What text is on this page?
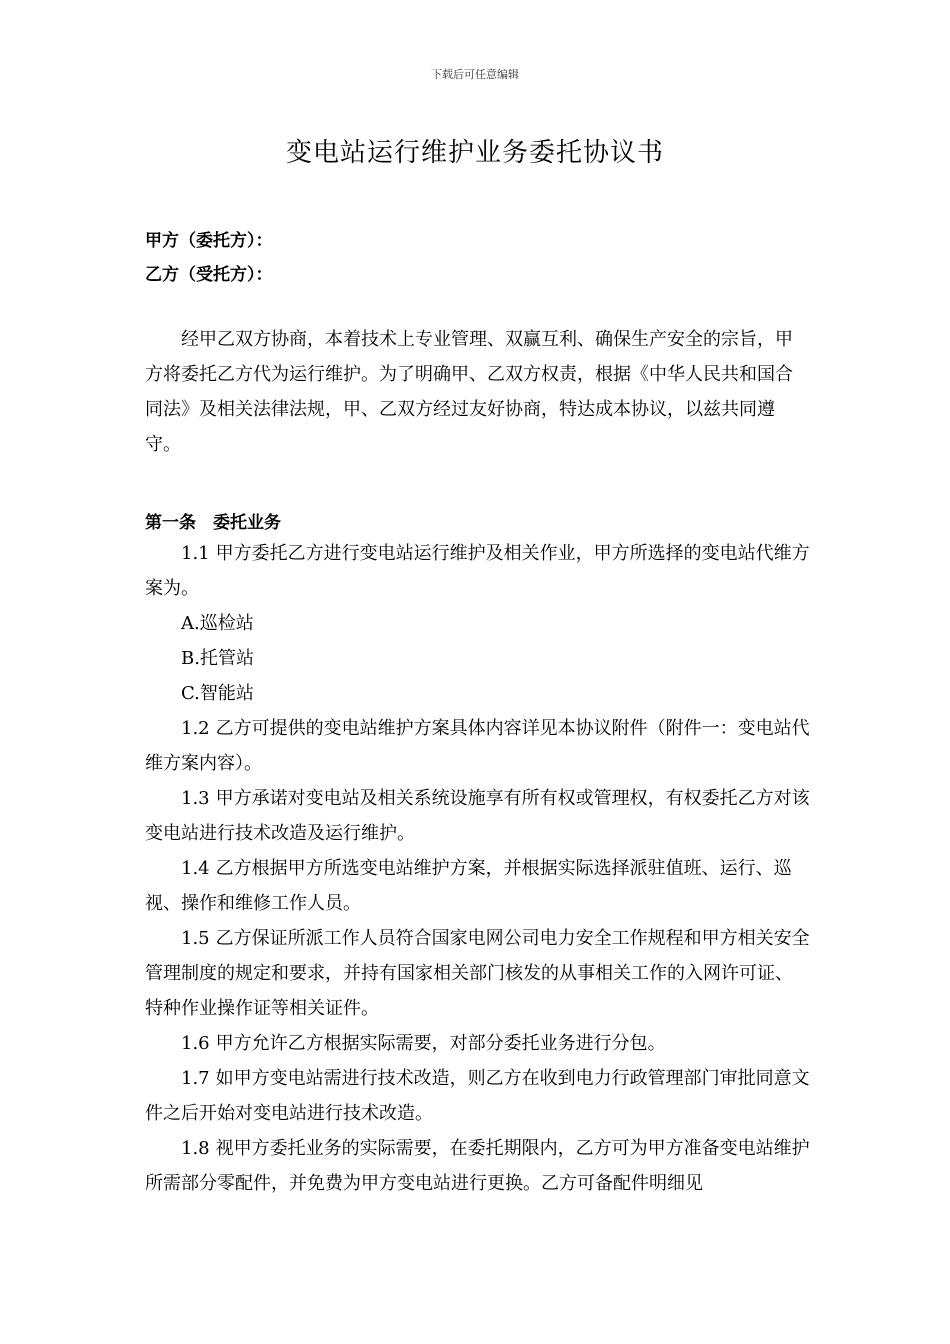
下载后可任意编辑
变电站运行维护业务委托协议书
甲方（委托方）：
乙方（受托方）：
经甲乙双方协商，本着技术上专业管理、双赢互利、确保生产安全的宗旨，甲方将委托乙方代为运行维护。为了明确甲、乙双方权责，根据《中华人民共和国合同法》及相关法律法规，甲、乙双方经过友好协商，特达成本协议，以兹共同遵守。
第一条　委托业务

1.1 甲方委托乙方进行变电站运行维护及相关作业，甲方所选择的变电站代维方案为。

A.巡检站

B.托管站

C.智能站

1.2 乙方可提供的变电站维护方案具体内容详见本协议附件（附件一：变电站代维方案内容）。

1.3 甲方承诺对变电站及相关系统设施享有所有权或管理权，有权委托乙方对该变电站进行技术改造及运行维护。

1.4 乙方根据甲方所选变电站维护方案，并根据实际选择派驻值班、运行、巡视、操作和维修工作人员。

1.5 乙方保证所派工作人员符合国家电网公司电力安全工作规程和甲方相关安全管理制度的规定和要求，并持有国家相关部门核发的从事相关工作的入网许可证、特种作业操作证等相关证件。

1.6 甲方允许乙方根据实际需要，对部分委托业务进行分包。

1.7 如甲方变电站需进行技术改造，则乙方在收到电力行政管理部门审批同意文件之后开始对变电站进行技术改造。

1.8 视甲方委托业务的实际需要，在委托期限内，乙方可为甲方准备变电站维护所需部分零配件，并免费为甲方变电站进行更换。乙方可备配件明细见
